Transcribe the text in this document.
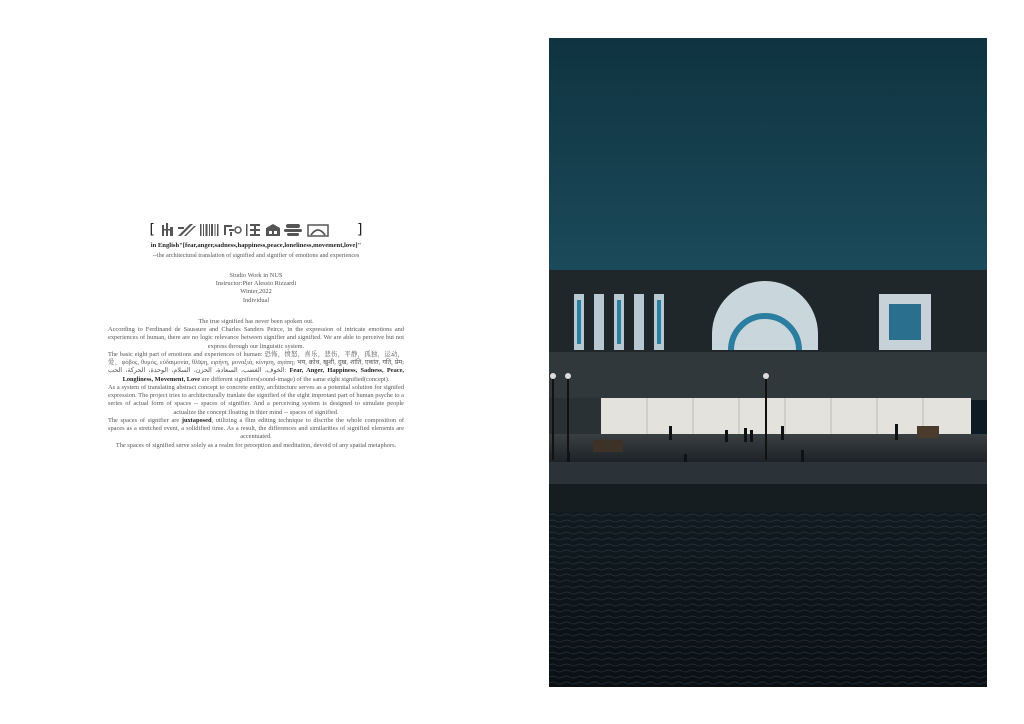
[	]
in English"[fear,anger,sadness,happiness,peace,loneliness,movement,love]"
--the architectural translation of signified and signifier of emotions and experiences
Studio Work in NUS
Instructor:Pier Alessio Rizzardi
Winter,2022
Individual

The true signified has never been spoken out.

According to Ferdinand de Saussure and Charles Sanders Peirce, in the expression of intricate emotions and experiences of human, there are no logic relevance between signifier and signified. We are able to perceive but not express through our linguistic system.

The basic eight part of emotions and experiences of human: 恐怖，愤怒，喜乐，悲伤，平静，孤独，运动，爱，φόβος, θυμός, εὐδαιμονία, θλῖψη, ειρήνη, μοναξιά, κίνηση, αγάπη; भय, क्रोध, खुशी, दुख, शांति, एकांत, गति, प्रेम; الخوف، الغضب، السعادة، الحزن، السلام، الوحدة، الحركة، الحب: Fear, Anger, Happiness, Sadness, Peace, Longliness, Movement, Love are different signifiers(sound-image) of the same eight signified(concept).

As a system of translating abstract concept to concrete entity, architecture serves as a potential solution for signifed expression. The project tries to architecturally tranlate the signified of the eight improtant part of human psyche to a series of actual form of spaces -- spaces of signifier. And a perceiving system is designed to simulate people actualize the concept floating in thier mind -- spaces of signified.

The spaces of signifier are juxtaposed, utilizing a flim editing technique to discribe the whole composition of spaces as a stretched event, a solidified time. As a result, the differences and similarities of signified elements are accentuated.

The spaces of signified serve solely as a realm for perception and meditation, devoid of any spatial metaphors.
